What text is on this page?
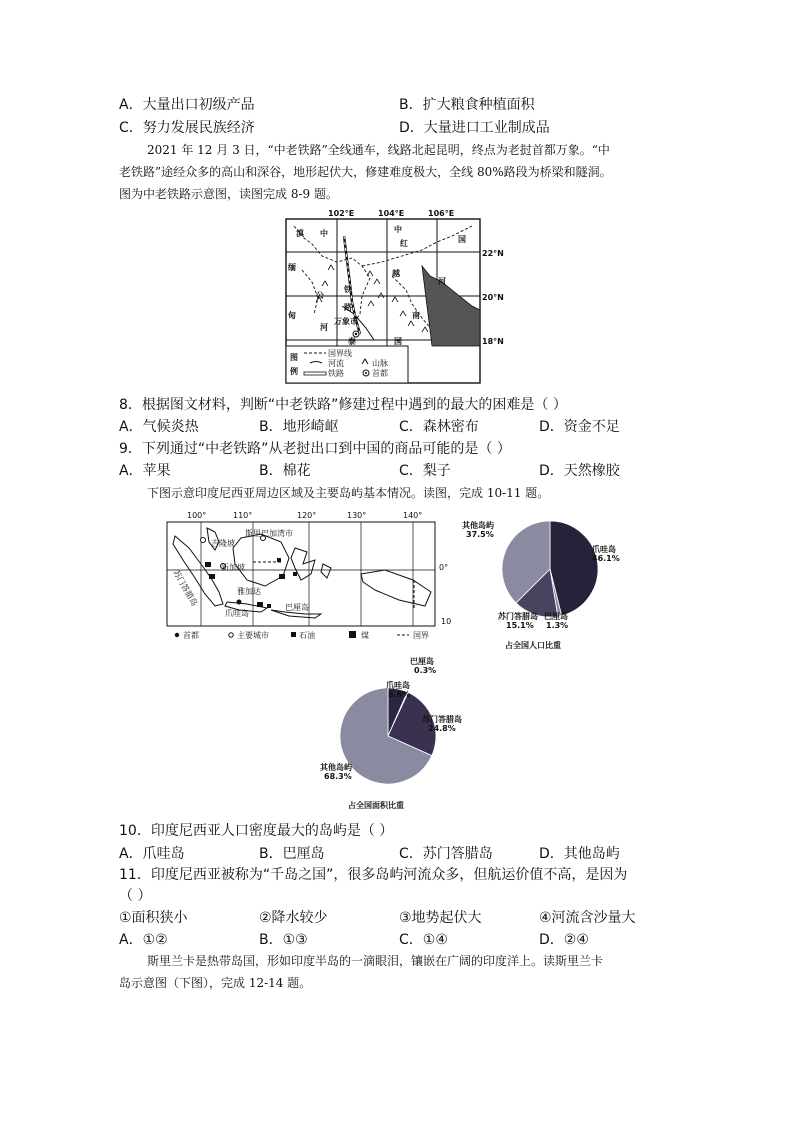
A．大量出口初级产品	B．扩大粮食种植面积
C．努力发展民族经济	D．大量进口工业制成品
2021 年 12 月 3 日，“中老铁路”全线通车，线路北起昆明，终点为老挝首都万象。“中
老铁路”途经众多的高山和深谷，地形起伏大，修建难度极大，全线 80%路段为桥梁和隧洞。
图为中老铁路示意图，读图完成 8-9 题。
102°E	104°E	106°E
22°N
20°N
18°N
滇 中	中
国
红
缅
公
铁
越
河
甸
河
路
南
万象市
泰	国
图
例
国界线
河流	山脉
铁路	首都
8．根据图文材料，判断“中老铁路”修建过程中遇到的最大的困难是（ ）
A．气候炎热	B．地形崎岖	C．森林密布	D．资金不足
9．下列通过“中老铁路”从老挝出口到中国的商品可能的是（ ）
A．苹果	B．棉花	C．梨子	D．天然橡胶
下图示意印度尼西亚周边区域及主要岛屿基本情况。读图，完成 10-11 题。
100°	110°	120°	130°	140°
0°
10
吉隆坡
斯里巴加湾市
新加坡
苏门答腊岛	雅加达
爪哇岛
巴厘岛
首都	主要城市	石油	煤	国界
爪哇岛
46.1%
其他岛屿
37.5%
苏门答腊岛
15.1%
巴厘岛
1.3%
占全国人口比重
巴厘岛
0.3%
爪哇岛
6.6%
苏门答腊岛
24.8%
其他岛屿
68.3%
占全国面积比重
10．印度尼西亚人口密度最大的岛屿是（ ）
A．爪哇岛	B．巴厘岛	C．苏门答腊岛	D．其他岛屿
11．印度尼西亚被称为“千岛之国”，很多岛屿河流众多，但航运价值不高，是因为
（ ）
①面积狭小	②降水较少	③地势起伏大	④河流含沙量大
A．①②	B．①③	C．①④	D．②④
斯里兰卡是热带岛国，形如印度半岛的一滴眼泪，镶嵌在广阔的印度洋上。读斯里兰卡
岛示意图（下图），完成 12-14 题。
